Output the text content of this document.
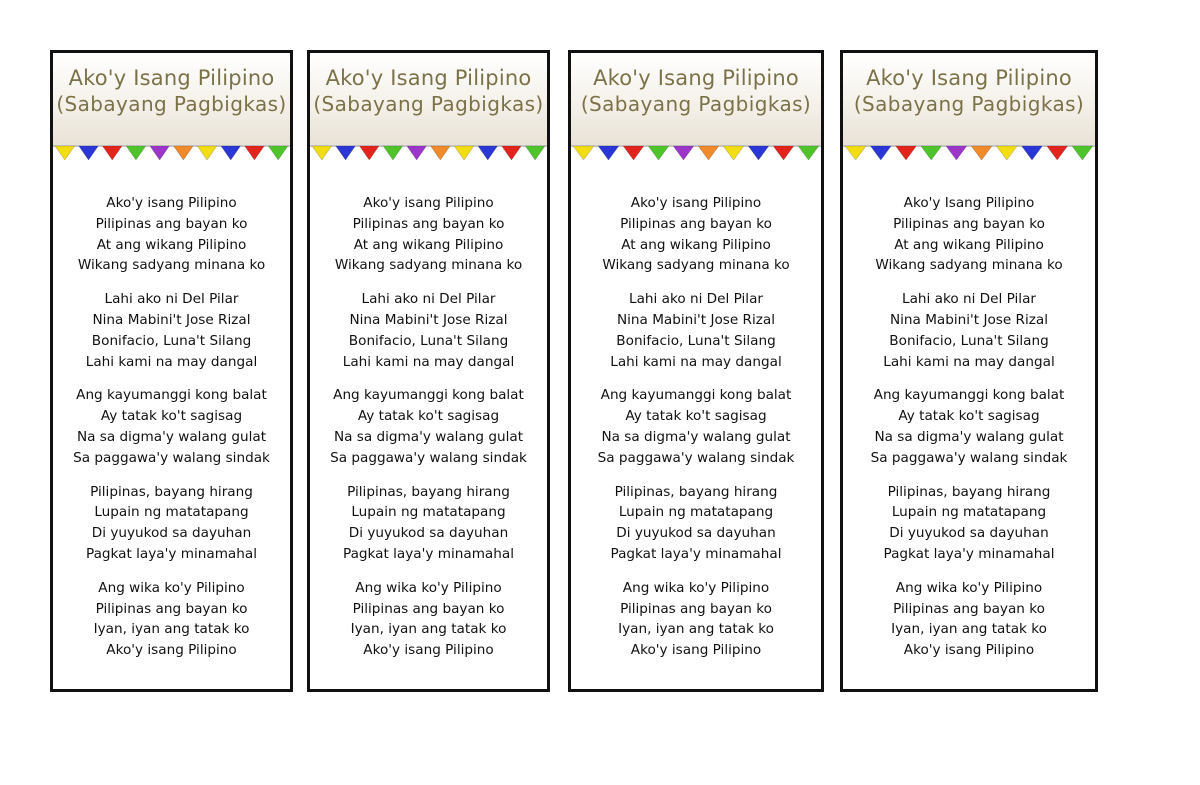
Ako'y Isang Pilipino
(Sabayang Pagbigkas)
Ako'y isang Pilipino
Pilipinas ang bayan ko
At ang wikang Pilipino
Wikang sadyang minana ko
Lahi ako ni Del Pilar
Nina Mabini't Jose Rizal
Bonifacio, Luna't Silang
Lahi kami na may dangal
Ang kayumanggi kong balat
Ay tatak ko't sagisag
Na sa digma'y walang gulat
Sa paggawa'y walang sindak
Pilipinas, bayang hirang
Lupain ng matatapang
Di yuyukod sa dayuhan
Pagkat laya'y minamahal
Ang wika ko'y Pilipino
Pilipinas ang bayan ko
Iyan, iyan ang tatak ko
Ako'y isang Pilipino
Ako'y Isang Pilipino
(Sabayang Pagbigkas)
Ako'y isang Pilipino
Pilipinas ang bayan ko
At ang wikang Pilipino
Wikang sadyang minana ko
Lahi ako ni Del Pilar
Nina Mabini't Jose Rizal
Bonifacio, Luna't Silang
Lahi kami na may dangal
Ang kayumanggi kong balat
Ay tatak ko't sagisag
Na sa digma'y walang gulat
Sa paggawa'y walang sindak
Pilipinas, bayang hirang
Lupain ng matatapang
Di yuyukod sa dayuhan
Pagkat laya'y minamahal
Ang wika ko'y Pilipino
Pilipinas ang bayan ko
Iyan, iyan ang tatak ko
Ako'y isang Pilipino
Ako'y Isang Pilipino
(Sabayang Pagbigkas)
Ako'y isang Pilipino
Pilipinas ang bayan ko
At ang wikang Pilipino
Wikang sadyang minana ko
Lahi ako ni Del Pilar
Nina Mabini't Jose Rizal
Bonifacio, Luna't Silang
Lahi kami na may dangal
Ang kayumanggi kong balat
Ay tatak ko't sagisag
Na sa digma'y walang gulat
Sa paggawa'y walang sindak
Pilipinas, bayang hirang
Lupain ng matatapang
Di yuyukod sa dayuhan
Pagkat laya'y minamahal
Ang wika ko'y Pilipino
Pilipinas ang bayan ko
Iyan, iyan ang tatak ko
Ako'y isang Pilipino
Ako'y Isang Pilipino
(Sabayang Pagbigkas)
Ako'y Isang Pilipino
Pilipinas ang bayan ko
At ang wikang Pilipino
Wikang sadyang minana ko
Lahi ako ni Del Pilar
Nina Mabini't Jose Rizal
Bonifacio, Luna't Silang
Lahi kami na may dangal
Ang kayumanggi kong balat
Ay tatak ko't sagisag
Na sa digma'y walang gulat
Sa paggawa'y walang sindak
Pilipinas, bayang hirang
Lupain ng matatapang
Di yuyukod sa dayuhan
Pagkat laya'y minamahal
Ang wika ko'y Pilipino
Pilipinas ang bayan ko
Iyan, iyan ang tatak ko
Ako'y isang Pilipino
